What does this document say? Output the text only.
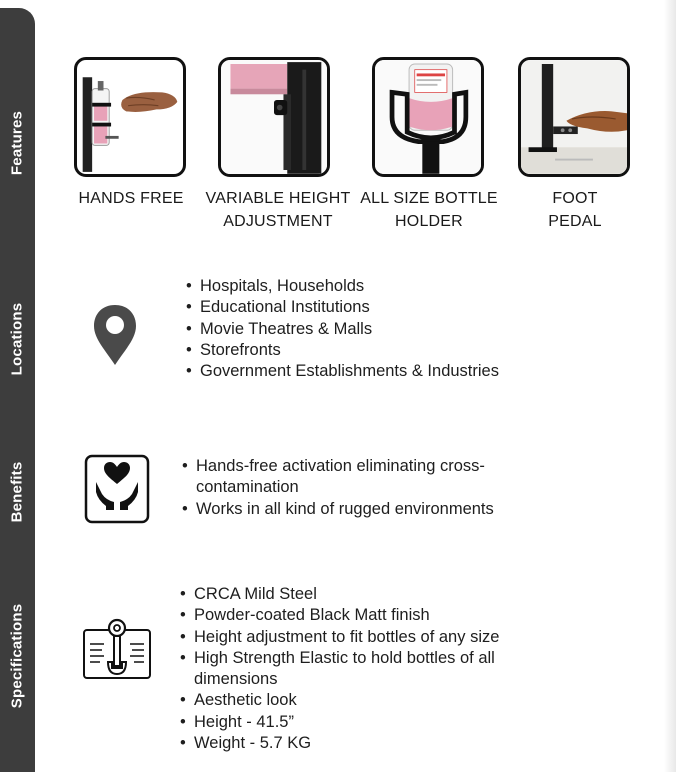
Features
Locations
Benefits
Specifications
HANDS FREE	VARIABLE HEIGHT
ADJUSTMENT
ALL SIZE BOTTLE
HOLDER
FOOT
PEDAL
• Hospitals, Households
• Educational Institutions
• Movie Theatres & Malls
• Storefronts
• Government Establishments & Industries
• Hands-free activation eliminating cross-
contamination
• Works in all kind of rugged environments
• CRCA Mild Steel
• Powder-coated Black Matt finish
• Height adjustment to fit bottles of any size
• High Strength Elastic to hold bottles of all
dimensions
• Aesthetic look
• Height - 41.5”
• Weight - 5.7 KG
